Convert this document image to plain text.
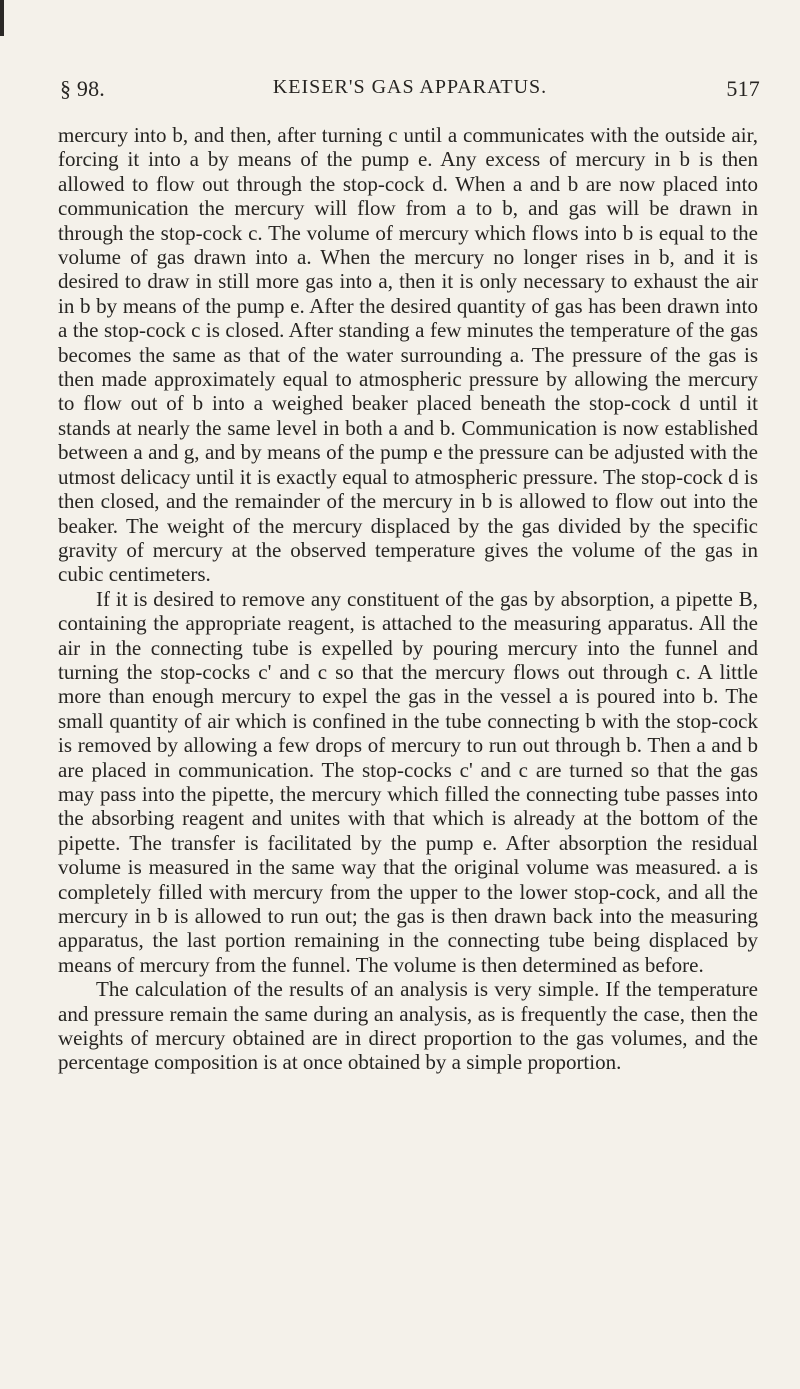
§ 98.	KEISER'S GAS APPARATUS.	517

mercury into b, and then, after turning c until a communicates with the outside air, forcing it into a by means of the pump e. Any excess of mercury in b is then allowed to flow out through the stop-cock d. When a and b are now placed into communication the mercury will flow from a to b, and gas will be drawn in through the stop-cock c. The volume of mercury which flows into b is equal to the volume of gas drawn into a. When the mercury no longer rises in b, and it is desired to draw in still more gas into a, then it is only necessary to exhaust the air in b by means of the pump e. After the desired quantity of gas has been drawn into a the stop-cock c is closed. After standing a few minutes the temperature of the gas becomes the same as that of the water surrounding a. The pressure of the gas is then made approximately equal to atmospheric pressure by allowing the mercury to flow out of b into a weighed beaker placed beneath the stop-cock d until it stands at nearly the same level in both a and b. Communication is now established between a and g, and by means of the pump e the pressure can be adjusted with the utmost delicacy until it is exactly equal to atmospheric pressure. The stop-cock d is then closed, and the remainder of the mercury in b is allowed to flow out into the beaker. The weight of the mercury displaced by the gas divided by the specific gravity of mercury at the observed temperature gives the volume of the gas in cubic centimeters.

If it is desired to remove any constituent of the gas by absorption, a pipette B, containing the appropriate reagent, is attached to the measuring apparatus. All the air in the connecting tube is expelled by pouring mercury into the funnel and turning the stop-cocks c' and c so that the mercury flows out through c. A little more than enough mercury to expel the gas in the vessel a is poured into b. The small quantity of air which is confined in the tube connecting b with the stop-cock is removed by allowing a few drops of mercury to run out through b. Then a and b are placed in communication. The stop-cocks c' and c are turned so that the gas may pass into the pipette, the mercury which filled the connecting tube passes into the absorbing reagent and unites with that which is already at the bottom of the pipette. The transfer is facilitated by the pump e. After absorption the residual volume is measured in the same way that the original volume was measured. a is completely filled with mercury from the upper to the lower stop-cock, and all the mercury in b is allowed to run out; the gas is then drawn back into the measuring apparatus, the last portion remaining in the connecting tube being displaced by means of mercury from the funnel. The volume is then determined as before.

The calculation of the results of an analysis is very simple. If the temperature and pressure remain the same during an analysis, as is frequently the case, then the weights of mercury obtained are in direct proportion to the gas volumes, and the percentage composition is at once obtained by a simple proportion.
